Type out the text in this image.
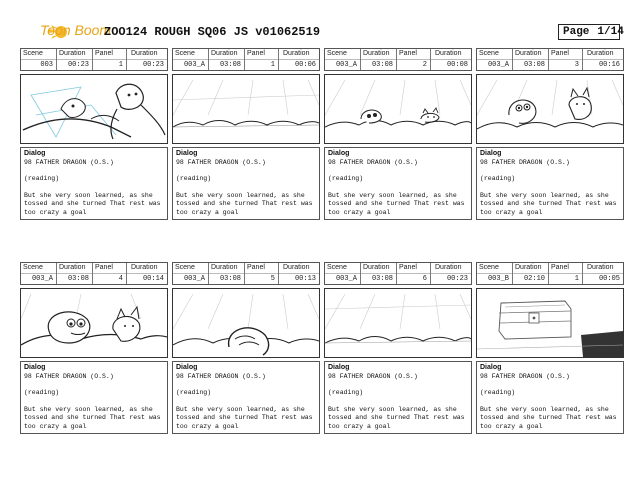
Toon Boom
ZOO124 ROUGH SQ06 JS v01062519	Page 1/14
Scene Duration Panel	Duration
003 00:23	1	00:23

Dialog

98 FATHER DRAGON (O.S.)

(reading)

But she very soon learned, as she

tossed and she turned That rest was

too crazy a goal

Scene Duration Panel	Duration
003_A 03:08	1	00:06

Dialog

98 FATHER DRAGON (O.S.)

(reading)

But she very soon learned, as she

tossed and she turned That rest was

too crazy a goal

Scene Duration Panel	Duration
003_A 03:08	2	00:08

Dialog

98 FATHER DRAGON (O.S.)

(reading)

But she very soon learned, as she

tossed and she turned That rest was

too crazy a goal

Scene Duration Panel	Duration
003_A 03:08	3	00:16

Dialog

98 FATHER DRAGON (O.S.)

(reading)

But she very soon learned, as she

tossed and she turned That rest was

too crazy a goal

Scene Duration Panel	Duration
003_A 03:08	4	00:14

Dialog

98 FATHER DRAGON (O.S.)

(reading)

But she very soon learned, as she

tossed and she turned That rest was

too crazy a goal

Scene Duration Panel	Duration
003_A 03:08	5	00:13

Dialog

98 FATHER DRAGON (O.S.)

(reading)

But she very soon learned, as she

tossed and she turned That rest was

too crazy a goal

Scene Duration Panel	Duration
003_A 03:08	6	00:23

Dialog

98 FATHER DRAGON (O.S.)

(reading)

But she very soon learned, as she

tossed and she turned That rest was

too crazy a goal

Scene Duration Panel	Duration
003_B 02:10	1	00:05

Dialog

98 FATHER DRAGON (O.S.)

(reading)

But she very soon learned, as she

tossed and she turned That rest was

too crazy a goal
